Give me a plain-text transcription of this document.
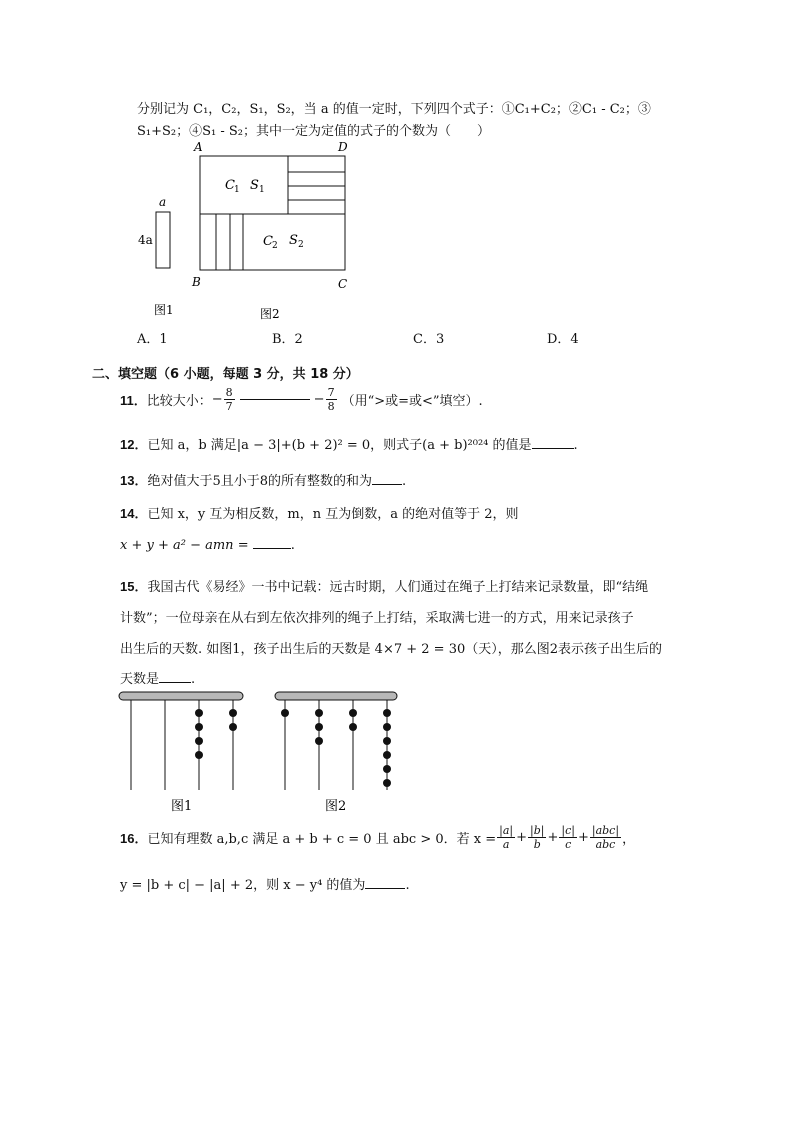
分别记为 C₁，C₂，S₁，S₂，当 a 的值一定时，下列四个式子：①C₁+C₂；②C₁ - C₂；③
S₁+S₂；④S₁ - S₂；其中一定为定值的式子的个数为（　　）
a
4a
图1
A	D
B	C
C 1 S 1
C 2 S 2
图2
A．1	B．2	C．3	D．4
二、填空题（6 小题，每题 3 分，共 18 分）
11． 比较大小： − $\frac{8}{7}$	− $\frac{7}{8}$ （用“>或=或<”填空）.
12．已知 a，b 满足|a − 3|+(b + 2)² = 0，则式子(a + b)²⁰²⁴ 的值是	.
13．绝对值大于5且小于8的所有整数的和为 .
14．已知 x，y 互为相反数，m，n 互为倒数，a 的绝对值等于 2，则
x + y + a² − amn =	.
15．我国古代《易经》一书中记载：远古时期，人们通过在绳子上打结来记录数量，即“结绳
计数”；一位母亲在从右到左依次排列的绳子上打结，采取满七进一的方式，用来记录孩子
出生后的天数. 如图1，孩子出生后的天数是 4×7 + 2 = 30（天），那么图2表示孩子出生后的
天数是 .
图1	图2
16． 已知有理数 a,b,c 满足 a + b + c = 0 且 abc > 0．若 $x = \frac{|a|}{a} + \frac{|b|}{b} + \frac{|c|}{c} + \frac{\text{|abc|}}{\text{abc}}$ ，
y = |b + c| − |a| + 2，则 x − y⁴ 的值为	.
